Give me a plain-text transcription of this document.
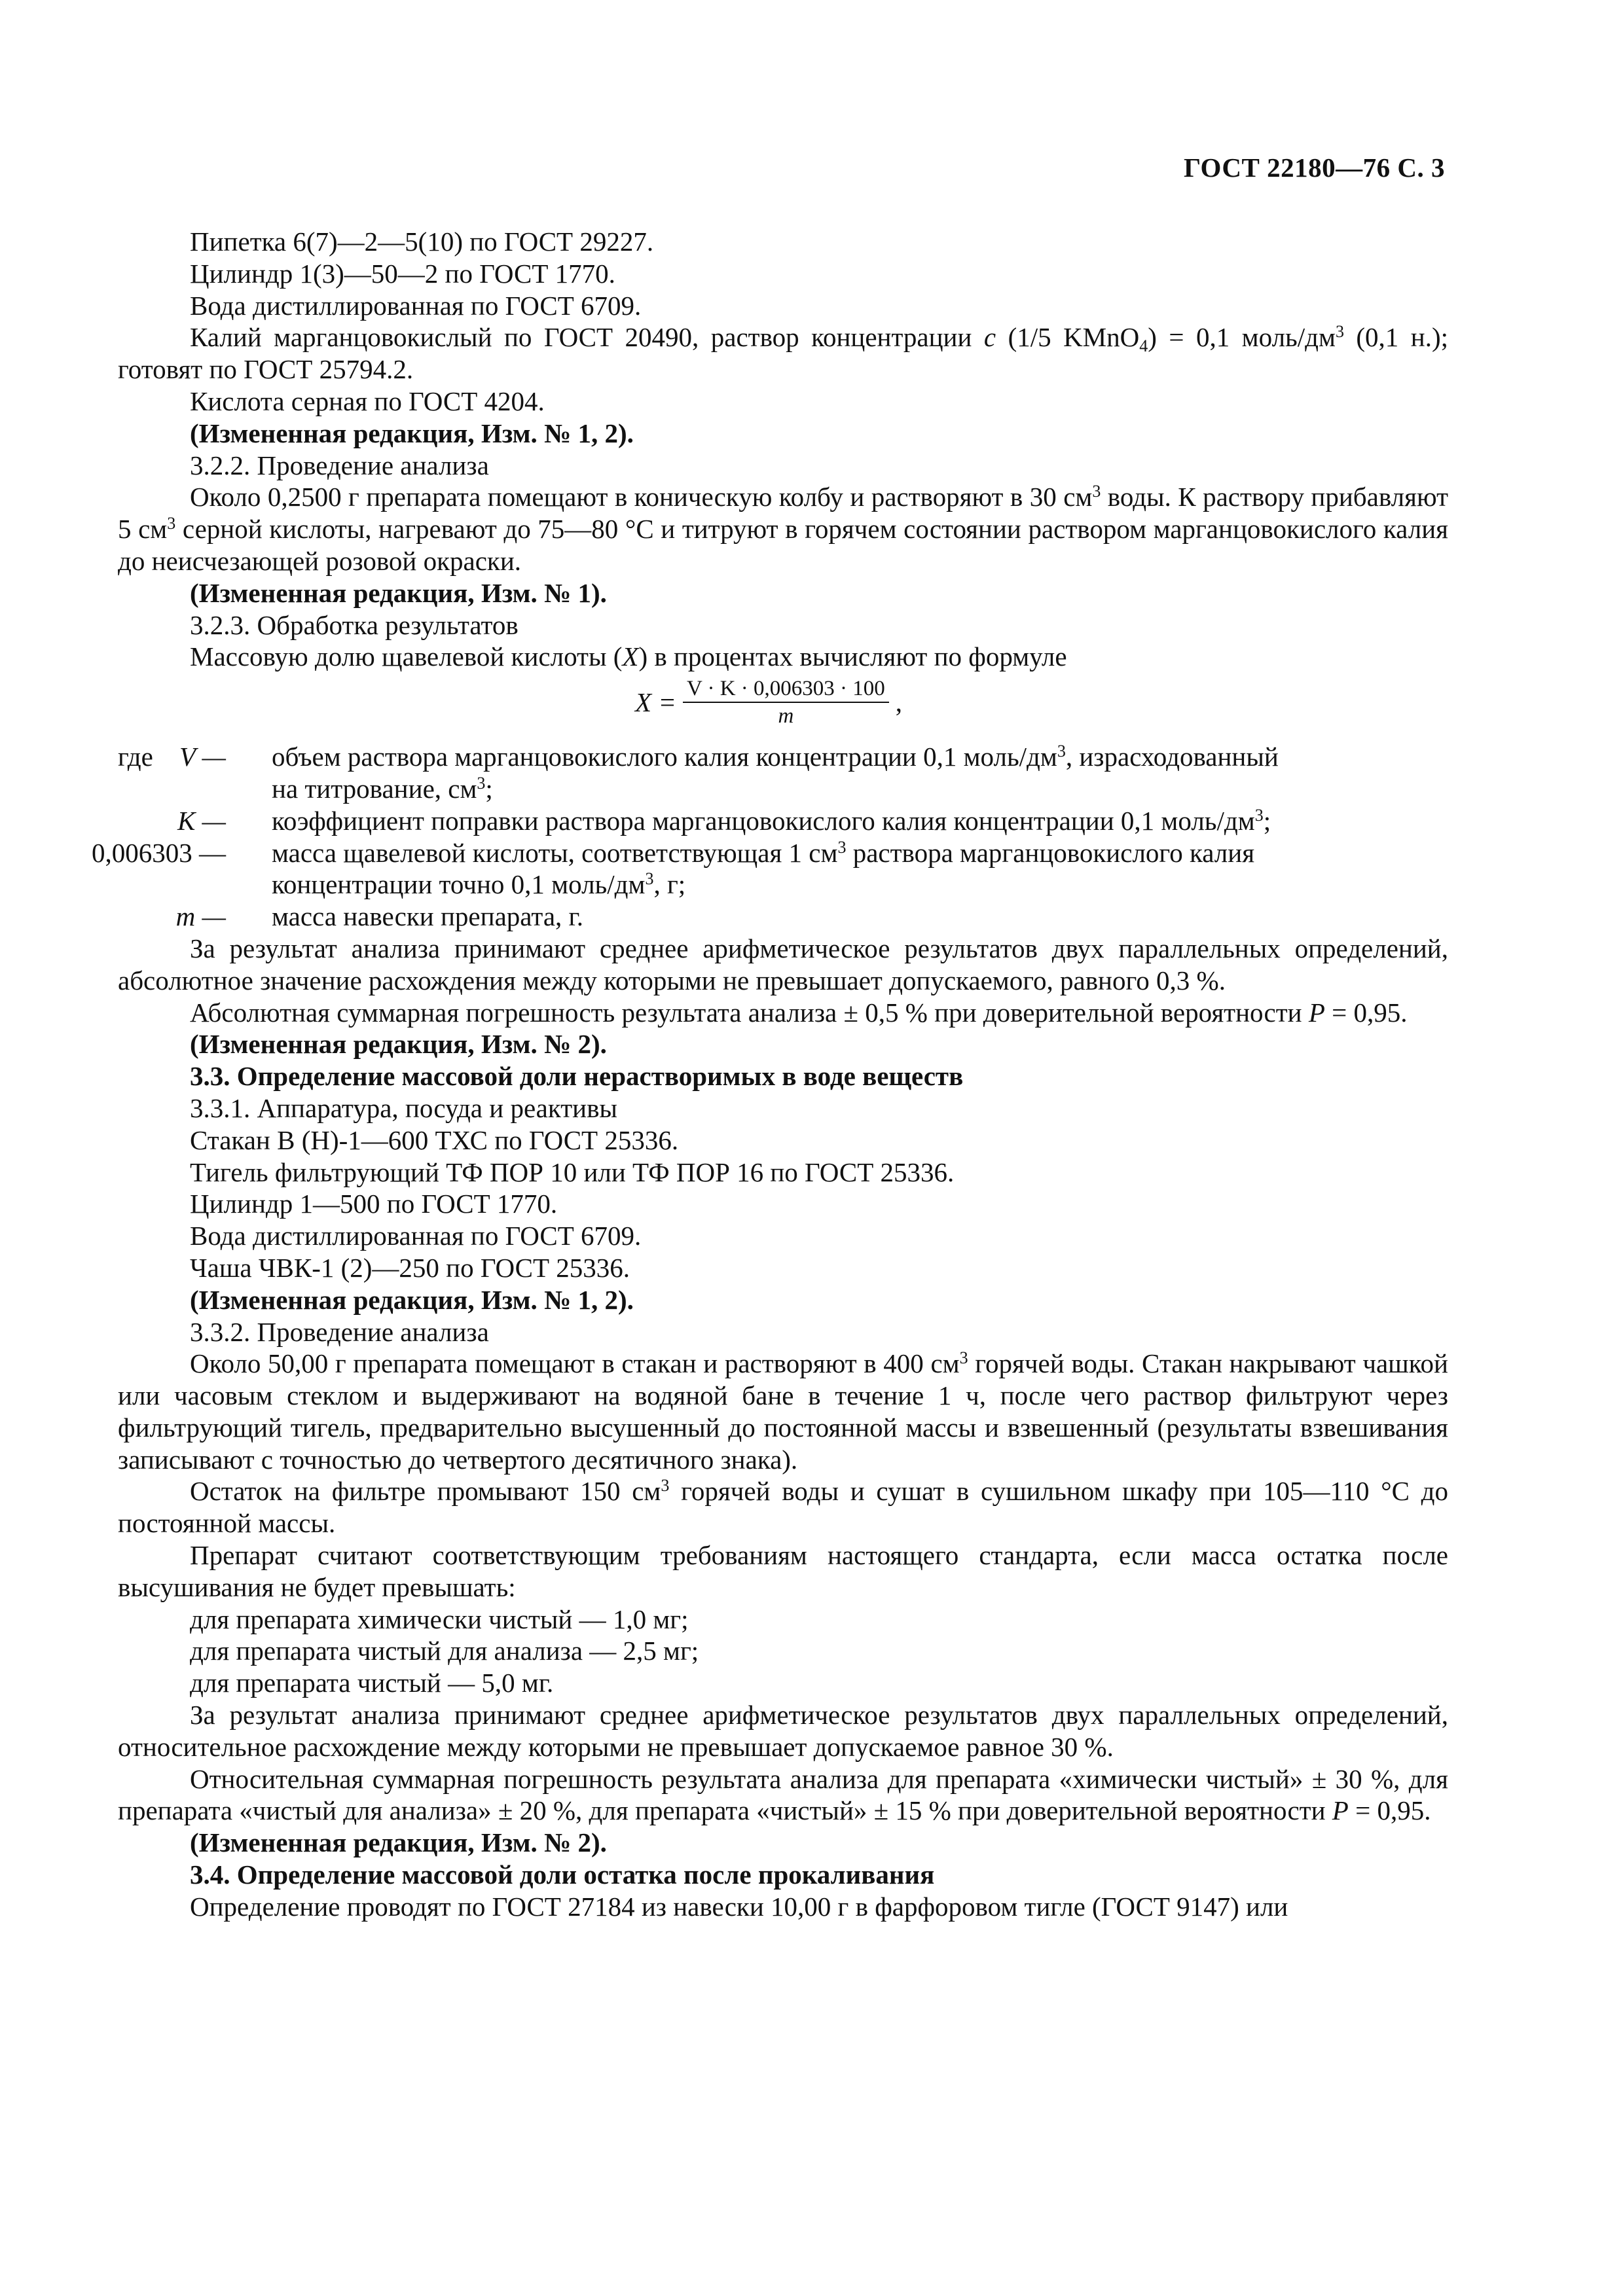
ГОСТ 22180—76 С. 3

Пипетка 6(7)—2—5(10) по ГОСТ 29227.

Цилиндр 1(3)—50—2 по ГОСТ 1770.

Вода дистиллированная по ГОСТ 6709.

Калий марганцовокислый по ГОСТ 20490, раствор концентрации c (1/5 KMnO$_4$) = 0,1 моль/$дм^3$ (0,1 н.); готовят по ГОСТ 25794.2.

Кислота серная по ГОСТ 4204.

(Измененная редакция, Изм. № 1, 2).

3.2.2. Проведение анализа

Около 0,2500 г препарата помещают в коническую колбу и растворяют в 30 $см^3$ воды. К раствору прибавляют 5 $см^3$ серной кислоты, нагревают до 75—80 °С и титруют в горячем состоянии раствором марганцовокислого калия до неисчезающей розовой окраски.

(Измененная редакция, Изм. № 1).

3.2.3. Обработка результатов

Массовую долю щавелевой кислоты (X) в процентах вычисляют по формуле

$X = \frac{V \cdot K \cdot 0,006303 \cdot 100}{m}$ ,
где V — объем раствора марганцовокислого калия концентрации 0,1 моль/$дм^3$, израсходованный
на титрование, $см^3$;
K — коэффициент поправки раствора марганцовокислого калия концентрации 0,1 моль/$дм^3$;
0,006303 — масса щавелевой кислоты, соответствующая 1 $см^3$ раствора марганцовокислого калия
концентрации точно 0,1 моль/$дм^3$, г;
m — масса навески препарата, г.

За результат анализа принимают среднее арифметическое результатов двух параллельных определений, абсолютное значение расхождения между которыми не превышает допускаемого, равного 0,3 %.

Абсолютная суммарная погрешность результата анализа ± 0,5 % при доверительной вероятности P = 0,95.

(Измененная редакция, Изм. № 2).

3.3. Определение массовой доли нерастворимых в воде веществ

3.3.1. Аппаратура, посуда и реактивы

Стакан В (Н)-1—600 ТХС по ГОСТ 25336.

Тигель фильтрующий ТФ ПОР 10 или ТФ ПОР 16 по ГОСТ 25336.

Цилиндр 1—500 по ГОСТ 1770.

Вода дистиллированная по ГОСТ 6709.

Чаша ЧВК-1 (2)—250 по ГОСТ 25336.

(Измененная редакция, Изм. № 1, 2).

3.3.2. Проведение анализа

Около 50,00 г препарата помещают в стакан и растворяют в 400 $см^3$ горячей воды. Стакан накрывают чашкой или часовым стеклом и выдерживают на водяной бане в течение 1 ч, после чего раствор фильтруют через фильтрующий тигель, предварительно высушенный до постоянной массы и взвешенный (результаты взвешивания записывают с точностью до четвертого десятичного знака).

Остаток на фильтре промывают 150 $см^3$ горячей воды и сушат в сушильном шкафу при 105—110 °С до постоянной массы.

Препарат считают соответствующим требованиям настоящего стандарта, если масса остатка после высушивания не будет превышать:

для препарата химически чистый — 1,0 мг;

для препарата чистый для анализа — 2,5 мг;

для препарата чистый — 5,0 мг.

За результат анализа принимают среднее арифметическое результатов двух параллельных определений, относительное расхождение между которыми не превышает допускаемое равное 30 %.

Относительная суммарная погрешность результата анализа для препарата «химически чистый» ± 30 %, для препарата «чистый для анализа» ± 20 %, для препарата «чистый» ± 15 % при доверительной вероятности P = 0,95.

(Измененная редакция, Изм. № 2).

3.4. Определение массовой доли остатка после прокаливания

Определение проводят по ГОСТ 27184 из навески 10,00 г в фарфоровом тигле (ГОСТ 9147) или
